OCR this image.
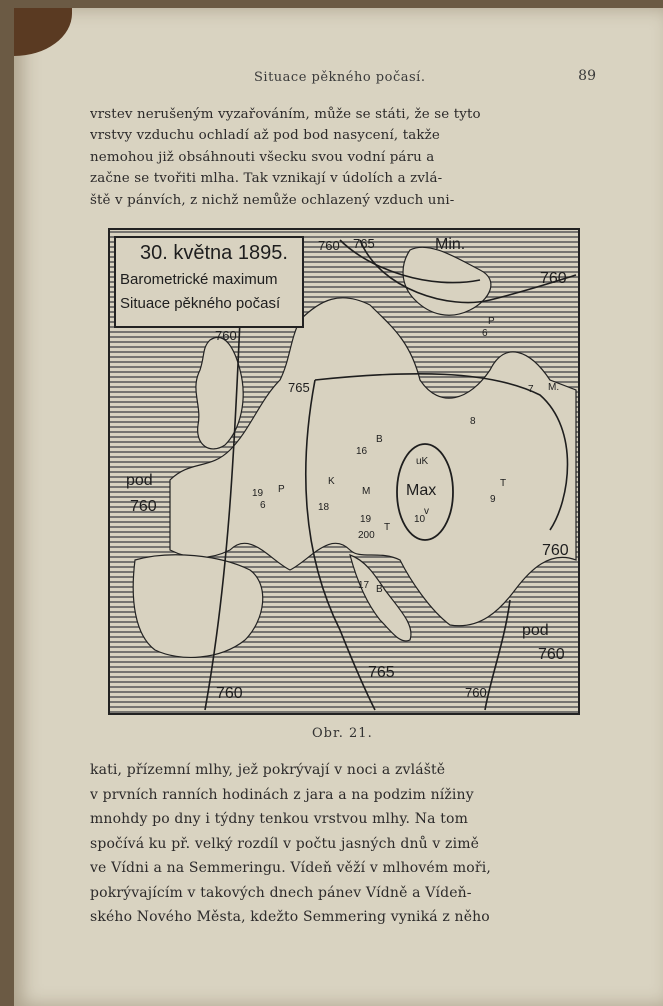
Situace pěkného počasí.	89
vrstev nerušeným vyzařováním, může se státi, že se tyto
vrstvy vzduchu ochladí až pod bod nasycení, takže
nemohou již obsáhnouti všecku svou vodní páru a
začne se tvořiti mlha. Tak vznikají v údolích a zvlá-
ště v pánvích, z nichž nemůže ochlazený vzduch uni-
30. května 1895.
Barometrické maximum
Situace pěkného počasí
760 765	Min.
760
760
765
pod
760
760
pod
760
765
760	760
Max
7 M.
8
16
B
19 P
6	18
K
M
19
200
T
10
9
T
17 B
6
P
v
uK
Obr. 21.
kati, přízemní mlhy, jež pokrývají v noci a zvláště
v prvních ranních hodinách z jara a na podzim nížiny
mnohdy po dny i týdny tenkou vrstvou mlhy. Na tom
spočívá ku př. velký rozdíl v počtu jasných dnů v zimě
ve Vídni a na Semmeringu. Vídeň věží v mlhovém moři,
pokrývajícím v takových dnech pánev Vídně a Vídeň-
ského Nového Města, kdežto Semmering vyniká z něho
